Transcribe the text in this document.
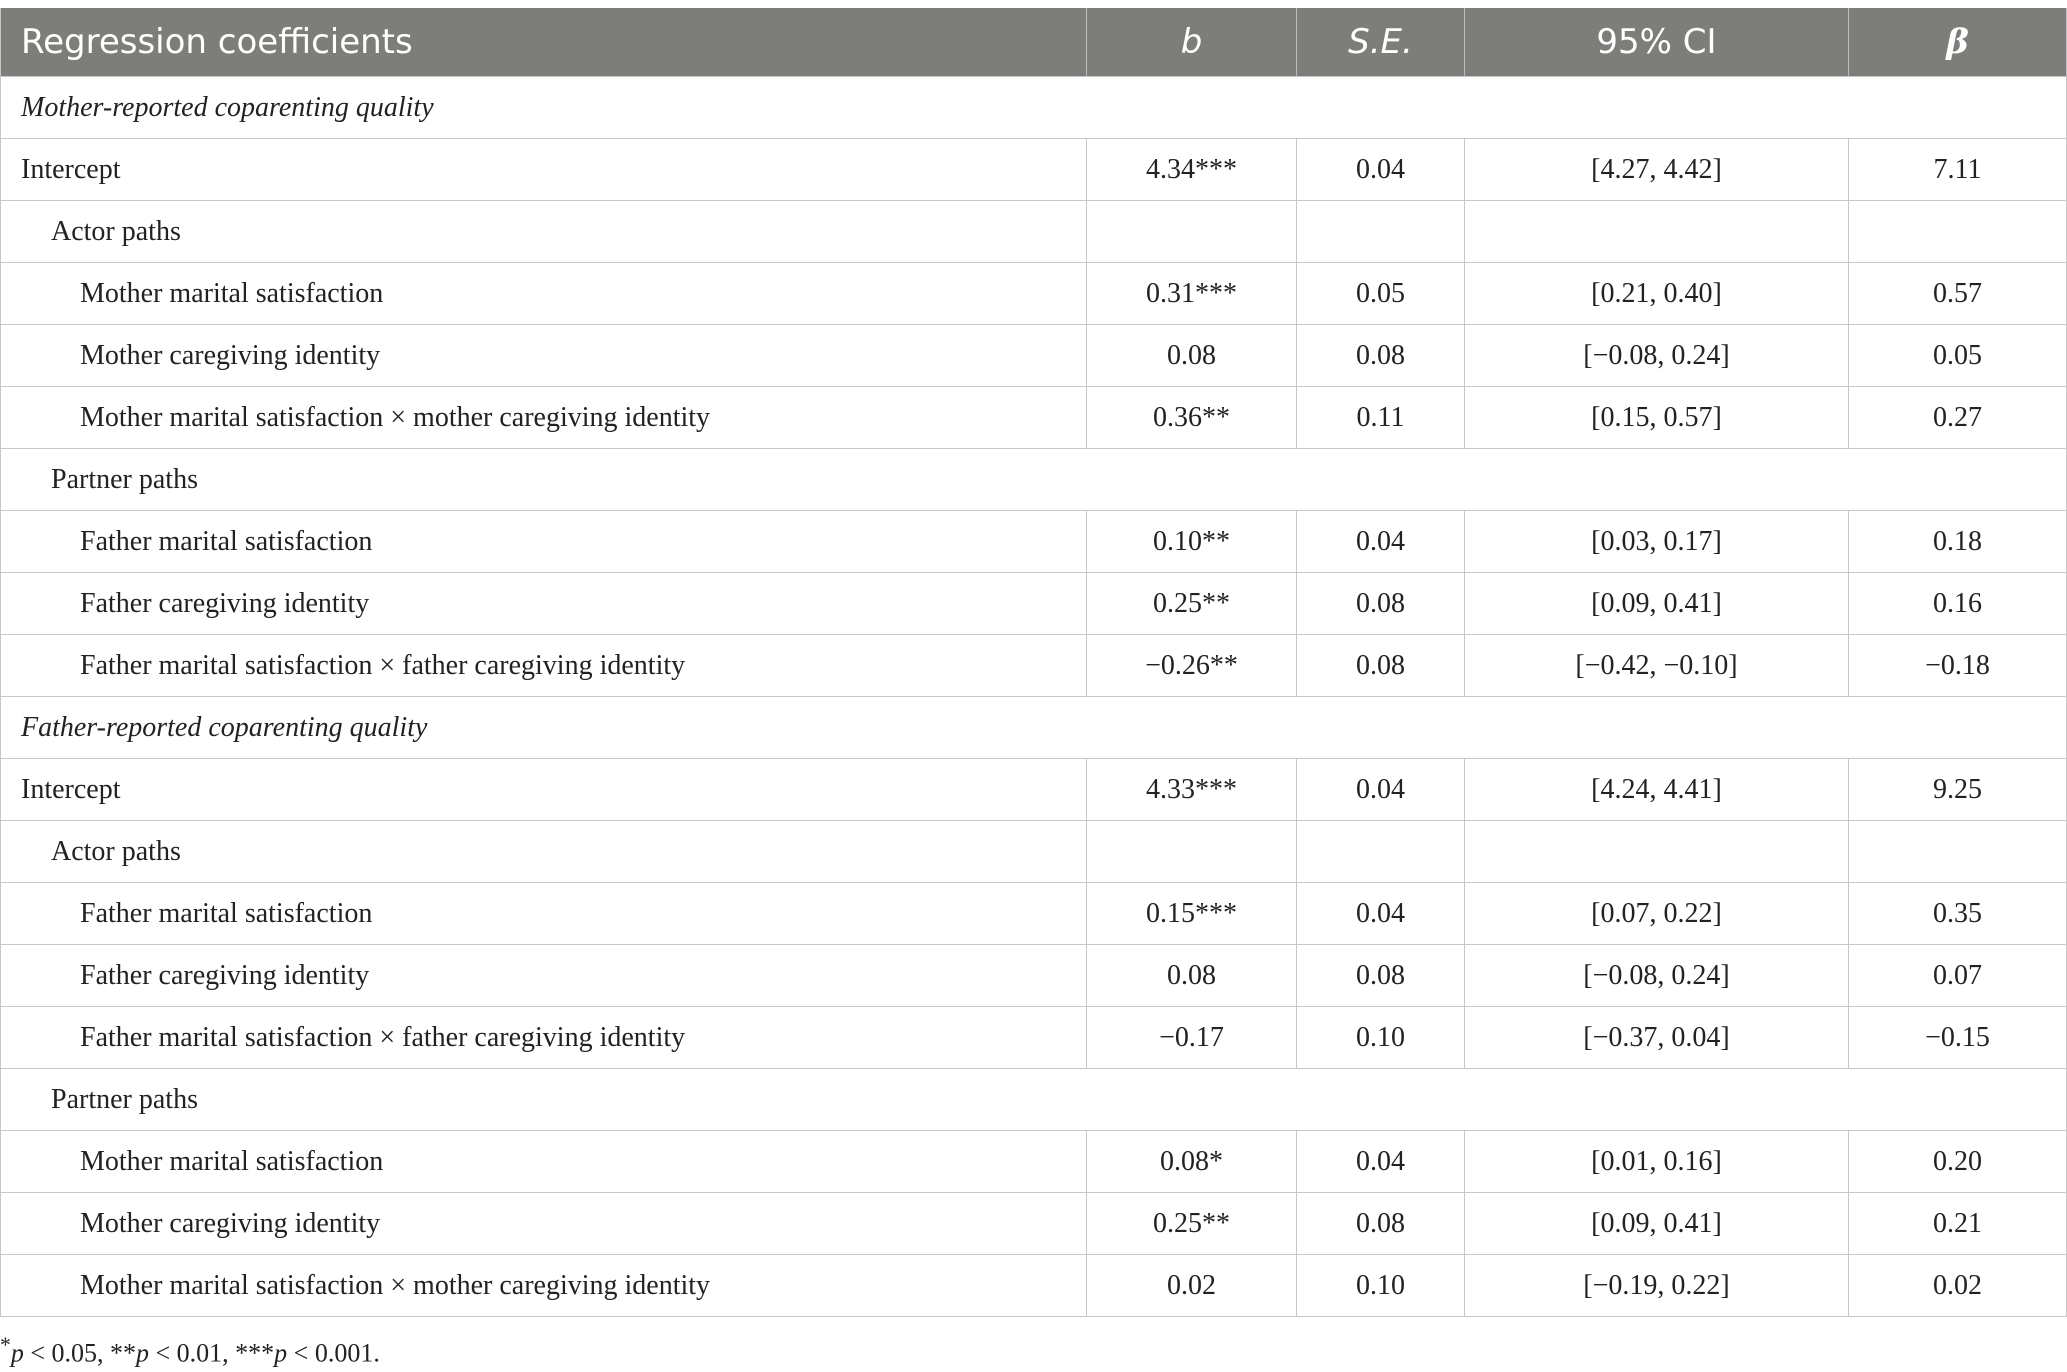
Regression coefficients	b	S.E.	95% CI	β
Mother-reported coparenting quality				
Intercept	4.34***	0.04	[4.27, 4.42]	7.11
Actor paths				
Mother marital satisfaction	0.31***	0.05	[0.21, 0.40]	0.57
Mother caregiving identity	0.08	0.08	[−0.08, 0.24]	0.05
Mother marital satisfaction × mother caregiving identity	0.36**	0.11	[0.15, 0.57]	0.27
Partner paths				
Father marital satisfaction	0.10**	0.04	[0.03, 0.17]	0.18
Father caregiving identity	0.25**	0.08	[0.09, 0.41]	0.16
Father marital satisfaction × father caregiving identity	−0.26**	0.08	[−0.42, −0.10]	−0.18
Father-reported coparenting quality				
Intercept	4.33***	0.04	[4.24, 4.41]	9.25
Actor paths				
Father marital satisfaction	0.15***	0.04	[0.07, 0.22]	0.35
Father caregiving identity	0.08	0.08	[−0.08, 0.24]	0.07
Father marital satisfaction × father caregiving identity	−0.17	0.10	[−0.37, 0.04]	−0.15
Partner paths				
Mother marital satisfaction	0.08*	0.04	[0.01, 0.16]	0.20
Mother caregiving identity	0.25**	0.08	[0.09, 0.41]	0.21
Mother marital satisfaction × mother caregiving identity	0.02	0.10	[−0.19, 0.22]	0.02
*p < 0.05, **p < 0.01, ***p < 0.001.
